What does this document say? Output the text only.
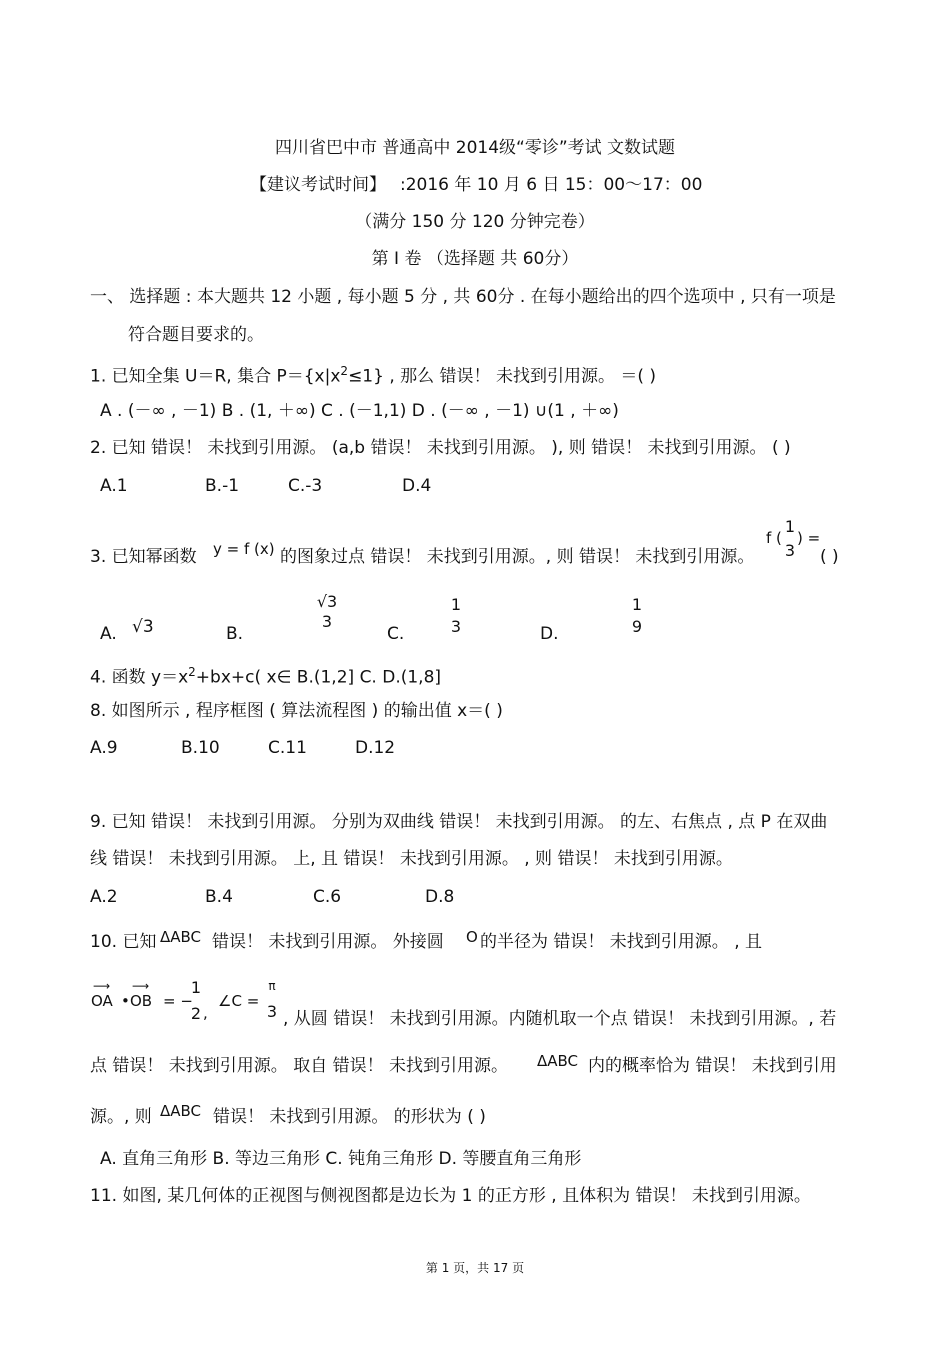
四川省巴中市 普通高中 2014级“零诊”考试 文数试题
【建议考试时间】 :2016 年 10 月 6 日 15：00～17：00
（满分 150 分 120 分钟完卷）
第 I 卷 （选择题 共 60分）
一、 选择题 : 本大题共 12 小题 , 每小题 5 分 , 共 60分 . 在每小题给出的四个选项中 , 只有一项是
符合题目要求的。
1. 已知全集 U＝R, 集合 $P=\{x|x^2\le 1\}$ , 那么 错误！ 未找到引用源。 ＝( )
A . (－∞ , －1) B . (1, ＋∞) C . (－1,1) D . (－∞ , －1) ∪(1 , ＋∞)
2. 已知 错误！ 未找到引用源。 (a,b 错误！ 未找到引用源。 ), 则 错误！ 未找到引用源。 ( )
A.1	B.-1	C.-3	D.4
3. 已知幂函数 y = f (x) 的图象过点 错误！ 未找到引用源。, 则 错误！ 未找到引用源。
f (
1
3
) =
( )
A. √3	B.
√3
3
C.
1
3	D.
1
9
4. 函数 $y=x^2+bx+c$( x∈ B.(1,2] C. D.(1,8]
8. 如图所示 , 程序框图 ( 算法流程图 ) 的输出值 x＝( )
A.9	B.10	C.11	D.12
9. 已知 错误！ 未找到引用源。 分别为双曲线 错误！ 未找到引用源。 的左、右焦点 , 点 P 在双曲
线 错误！ 未找到引用源。 上, 且 错误！ 未找到引用源。 , 则 错误！ 未找到引用源。
A.2	B.4	C.6	D.8
10. 已知 ΔABC 错误！ 未找到引用源。 外接圆 O 的半径为 错误！ 未找到引用源。 , 且
⟶
OA •
⟶
OB = −
1
2 ,
∠C =
π
3 , 从圆 错误！ 未找到引用源。内随机取一个点 错误！ 未找到引用源。, 若
点 错误！ 未找到引用源。 取自 错误！ 未找到引用源。 ΔABC 内的概率恰为 错误！ 未找到引用
源。, 则 ΔABC 错误！ 未找到引用源。 的形状为 ( )
A. 直角三角形 B. 等边三角形 C. 钝角三角形 D. 等腰直角三角形
11. 如图, 某几何体的正视图与侧视图都是边长为 1 的正方形 , 且体积为 错误！ 未找到引用源。
第 1 页，共 17 页
